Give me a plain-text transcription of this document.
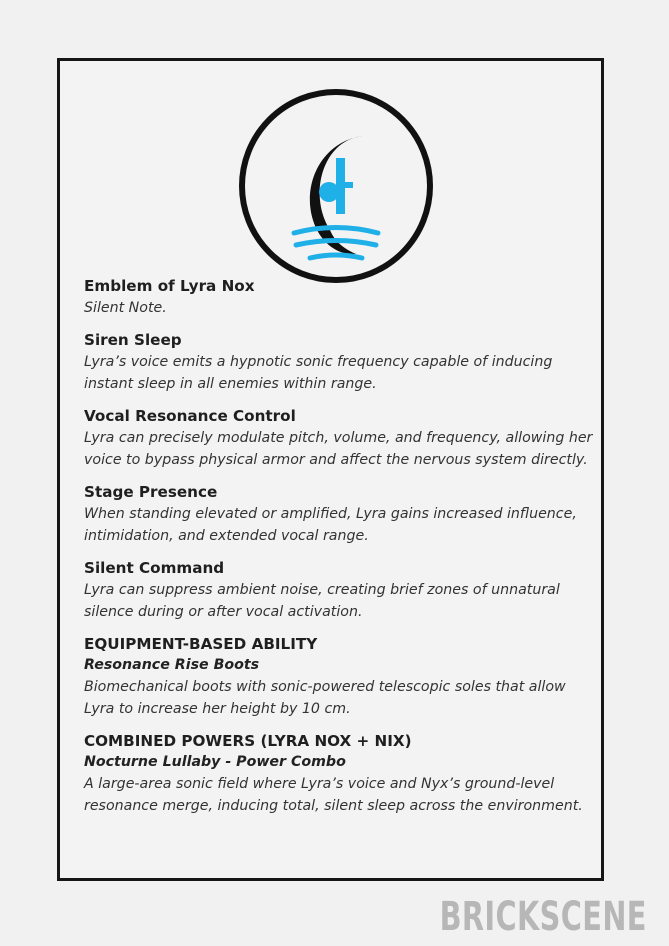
Emblem of Lyra Nox
Silent Note.
Siren Sleep
Lyra’s voice emits a hypnotic sonic frequency capable of inducing instant sleep in all enemies within range.
Vocal Resonance Control
Lyra can precisely modulate pitch, volume, and frequency, allowing her voice to bypass physical armor and affect the nervous system directly.
Stage Presence
When standing elevated or amplified, Lyra gains increased influence, intimidation, and extended vocal range.
Silent Command
Lyra can suppress ambient noise, creating brief zones of unnatural silence during or after vocal activation.
EQUIPMENT-BASED ABILITY
Resonance Rise Boots
Biomechanical boots with sonic-powered telescopic soles that allow Lyra to increase her height by 10 cm.
COMBINED POWERS (LYRA NOX + NIX)
Nocturne Lullaby - Power Combo
A large-area sonic field where Lyra’s voice and Nyx’s ground-level resonance merge, inducing total, silent sleep across the environment.
BRICKSCENE
